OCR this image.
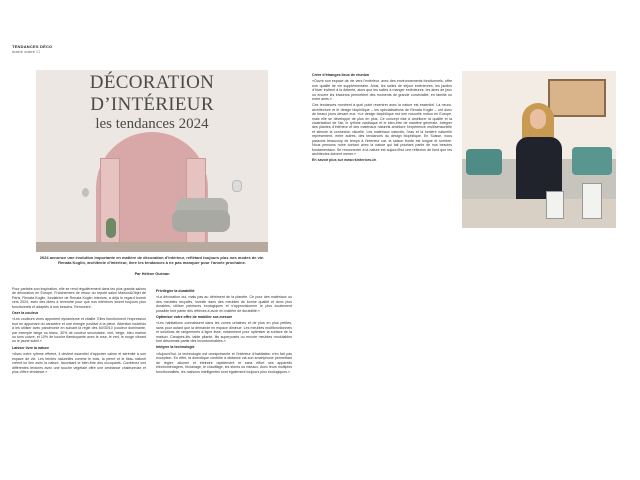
TENDANCES DÉCO
marie claire ☐
DÉCORATION D’INTÉRIEUR
les tendances 2024
2024 annonce une évolution importante en matière de décoration d’intérieur, reflétant toujours plus nos modes de vie. Renata Koglin, architecte d’intérieur, livre les tendances à ne pas manquer pour l’année prochaine.
Par Hélène Guénan

Pour parfaire son inspiration, elle se rend régulièrement dans les plus grands salons de décoration en Europe. Fraîchement de retour du réputé salon Maison&Objet de Paris, Renata Koglin, fondatrice de Renata Koglin Interiors, a déjà le regard tourné vers 2024, avec des idées à revendre pour que nos intérieurs soient toujours plus fonctionnels et adaptés à nos besoins. Rencontre.

Oser la couleur

«Les couleurs vives apportent dynamisme et vitalité. Elles fonctionnent l’expression tout en apportant du caractère et une énergie positive à la pièce. Attention toutefois à les utiliser avec parcimonie en suivant la règle des 60/30/10 (couleur dominante, par exemple beige ou blanc, 30% de couleur secondaire, vert, beige, bleu marine ou tons cuivre, et 10% de touche flamboyante avec le rose, le vert, le rouge vibrant ou le jaune soleil.»

Laisser livre la nature

«Avec notre rythme effréné, il devient essentiel d’apporter calme et sérénité à son espace de vie. Les teintes naturelles comme le bois, la pierre et le tissu naturel créent un lien avec la nature, favorisant le bien-être des occupants. Combinez ces différentes textures avec une touche végétale offre une ambiance chaleureuse et plus d’être tendance.»

Privilégier la durabilité

«La décoration oui, mais pas au détriment de la planète. Ce pour des matériaux ou des meubles recyclés, investir dans des meubles de bonne qualité et donc plus durables, utiliser peintures écologiques et s’approvisionner le plus localement possible font partie des réflexes à avoir en matière de durabilité.»

Optimiser votre offre de mobilier sur-mesure

«Les habitations connaissent dans les zones urbaines et de plus en plus petites, sans pour autant que la demande en espace diminue. Les meubles multifonctionnels et solutions de rangements à ligne lisse, notamment pour optimiser la surface de la maison. Canapés-lits, table pliante, lits superposés ou encore meubles modulables font désormais partie des incontournables.»

Intégrer la technologie

«Aujourd’hui, la technologie est omniprésente et l’intérieur d’habitation n’en fait pas exception. En effet, la domotique contrôle à distance via son smartphone permettant de régler, allumer et éteindre rapidement et sans effort ses appareils électroménagers, l’éclairage, le chauffage, les stores ou rideaux. Avec leurs multiples fonctionnalités, les maisons intelligentes sont également toujours plus écologiques.»

Créer d’étranges lieux de réunion

«Ouvrir son espace de vie vers l’extérieur, avec des environnements fonctionnels, offre une qualité de vie supplémentaire. Ainsi, les salles de séjour extérieures, les jardins d’hiver invitent à la détente, alors que les salles à manger extérieures, les aires de jeux ou encore les braseros permettent des moments de grande convivialité, en famille ou entre amis.»

Ces tendances montrent à quel point recentrer avec la nature est essentiel. La neuro-architecture et le design biophilique – les spécialisations de Renata Koglin – ont donc de beaux jours devant eux. «Le design biophilique est une nouvelle notion en Europe, mais elle se développe de plus en plus. Ce concept vise à améliorer la qualité et la cicatrisation de l’air, le rythme cardiaque et le bien-être de manière générale. Intégrer des plantes d’intérieur et des matériaux naturels améliore l’expérience multisensorielle et stimule la connexion visuelle. Les matériaux naturels, l’eau et la lumière naturelle représentent, entre autres, des tendances du design biophilique. En Suisse, nous passons beaucoup de temps à l’intérieur car, la saison froide est longue et sombre. Nous pensons notre contact avec la nature qui fait pourtant partie de nos besoins fondamentaux. Se reconnecter à la nature est aujourd’hui une réflexion de fond que les architectes doivent mener.»

En savoir plus sur www.rkinteriors.ch
